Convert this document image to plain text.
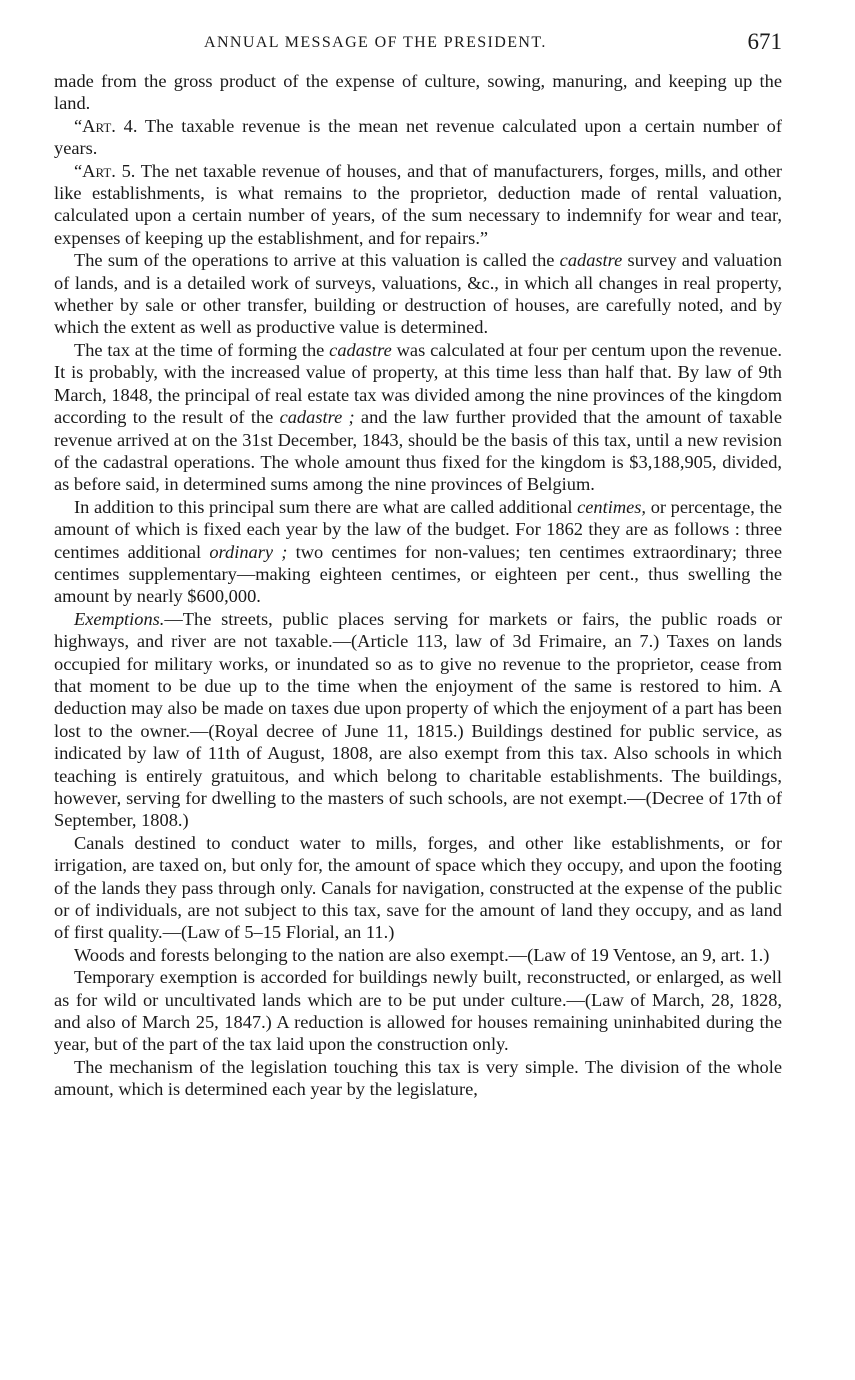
ANNUAL MESSAGE OF THE PRESIDENT.	671

made from the gross product of the expense of culture, sowing, manuring, and keeping up the land.

“Art. 4. The taxable revenue is the mean net revenue calculated upon a certain number of years.

“Art. 5. The net taxable revenue of houses, and that of manufacturers, forges, mills, and other like establishments, is what remains to the proprietor, deduction made of rental valuation, calculated upon a certain number of years, of the sum necessary to indemnify for wear and tear, expenses of keeping up the establishment, and for repairs.”

The sum of the operations to arrive at this valuation is called the cadastre survey and valuation of lands, and is a detailed work of surveys, valuations, &c., in which all changes in real property, whether by sale or other transfer, building or destruction of houses, are carefully noted, and by which the extent as well as productive value is determined.

The tax at the time of forming the cadastre was calculated at four per centum upon the revenue. It is probably, with the increased value of property, at this time less than half that. By law of 9th March, 1848, the principal of real estate tax was divided among the nine provinces of the kingdom according to the result of the cadastre ; and the law further provided that the amount of taxable revenue arrived at on the 31st December, 1843, should be the basis of this tax, until a new revision of the cadastral operations. The whole amount thus fixed for the kingdom is $3,188,905, divided, as before said, in determined sums among the nine provinces of Belgium.

In addition to this principal sum there are what are called additional centimes, or percentage, the amount of which is fixed each year by the law of the budget. For 1862 they are as follows : three centimes additional ordinary ; two centimes for non-values; ten centimes extraordinary; three centimes supplementary—making eighteen centimes, or eighteen per cent., thus swelling the amount by nearly $600,000.

Exemptions.—The streets, public places serving for markets or fairs, the public roads or highways, and river are not taxable.—(Article 113, law of 3d Frimaire, an 7.) Taxes on lands occupied for military works, or inundated so as to give no revenue to the proprietor, cease from that moment to be due up to the time when the enjoyment of the same is restored to him. A deduction may also be made on taxes due upon property of which the enjoyment of a part has been lost to the owner.—(Royal decree of June 11, 1815.) Buildings destined for public service, as indicated by law of 11th of August, 1808, are also exempt from this tax. Also schools in which teaching is entirely gratuitous, and which belong to charitable establishments. The buildings, however, serving for dwelling to the masters of such schools, are not exempt.—(Decree of 17th of September, 1808.)

Canals destined to conduct water to mills, forges, and other like establishments, or for irrigation, are taxed on, but only for, the amount of space which they occupy, and upon the footing of the lands they pass through only. Canals for navigation, constructed at the expense of the public or of individuals, are not subject to this tax, save for the amount of land they occupy, and as land of first quality.—(Law of 5–15 Florial, an 11.)

Woods and forests belonging to the nation are also exempt.—(Law of 19 Ventose, an 9, art. 1.)

Temporary exemption is accorded for buildings newly built, reconstructed, or enlarged, as well as for wild or uncultivated lands which are to be put under culture.—(Law of March, 28, 1828, and also of March 25, 1847.) A reduction is allowed for houses remaining uninhabited during the year, but of the part of the tax laid upon the construction only.

The mechanism of the legislation touching this tax is very simple. The division of the whole amount, which is determined each year by the legislature,
